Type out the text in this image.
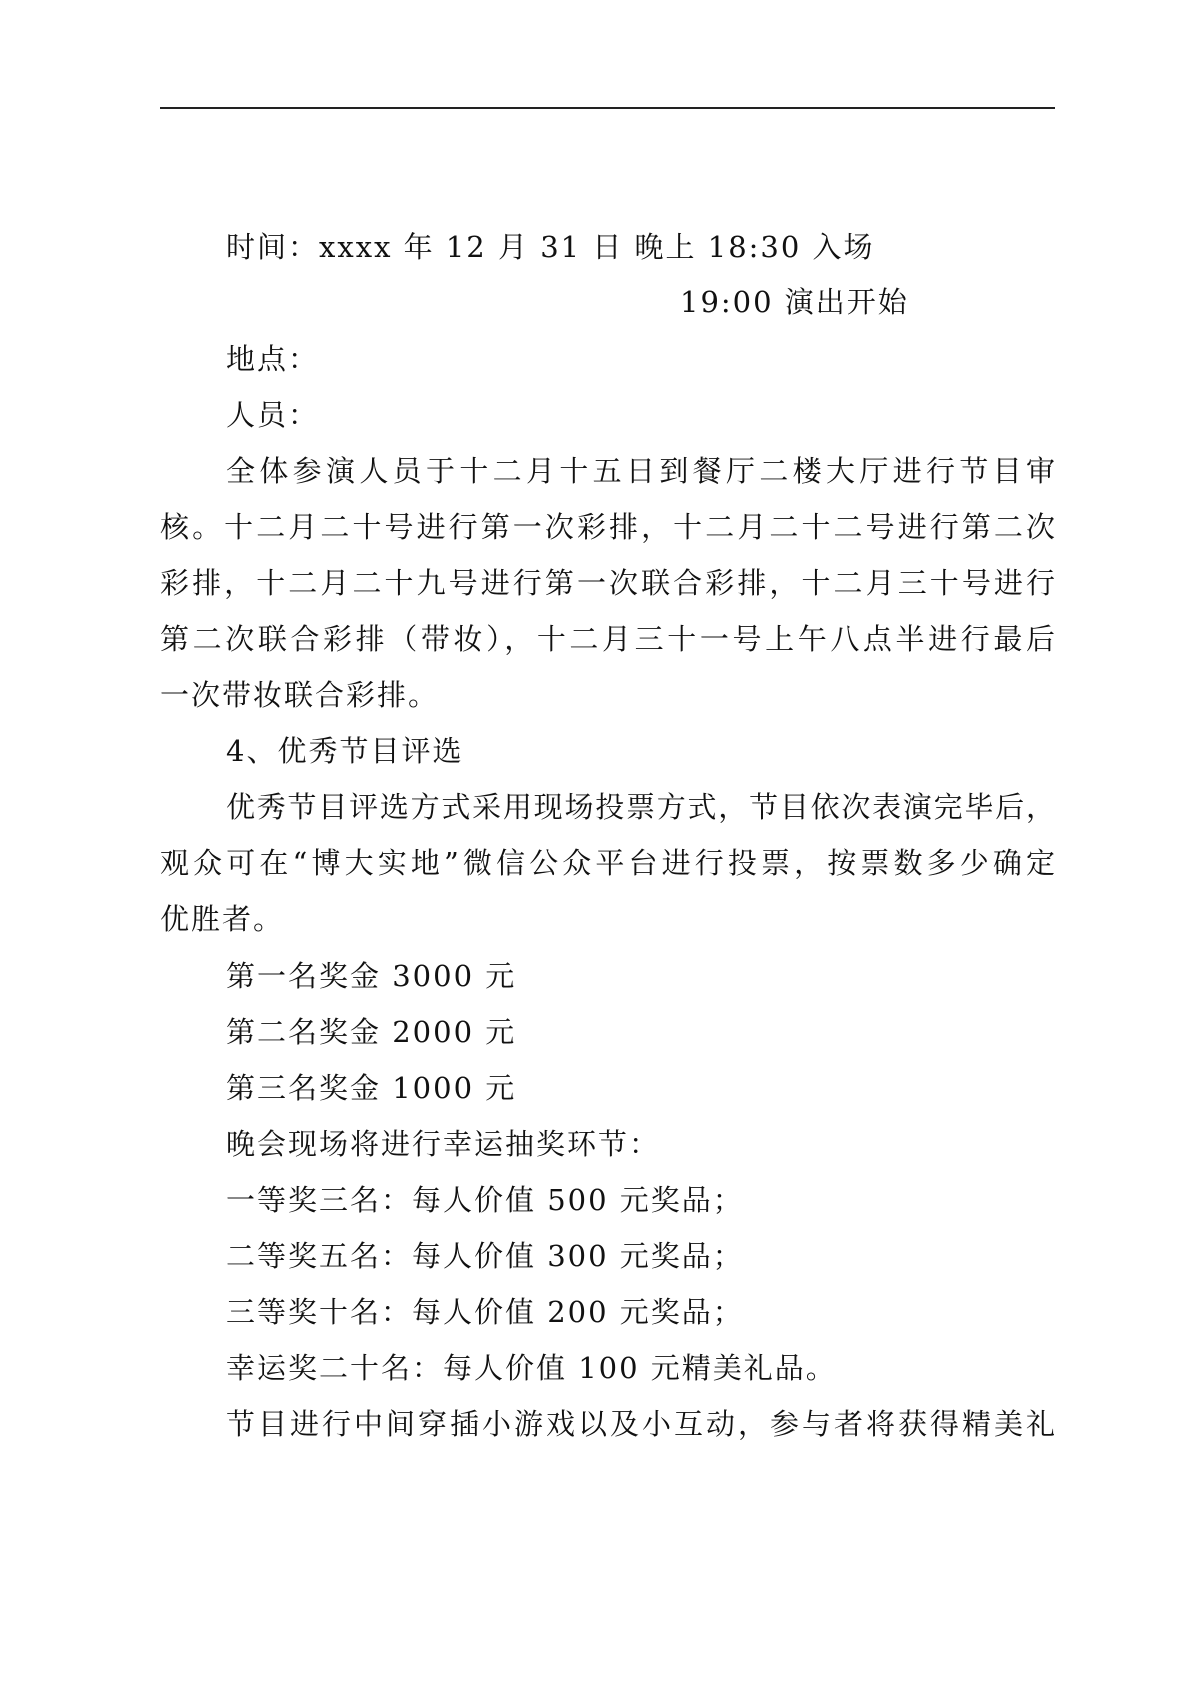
时间：xxxx 年 12 月 31 日 晚上 18:30 入场
19:00 演出开始
地点：
人员：
全体参演人员于十二月十五日到餐厅二楼大厅进行节目审
核。十二月二十号进行第一次彩排，十二月二十二号进行第二次
彩排，十二月二十九号进行第一次联合彩排，十二月三十号进行
第二次联合彩排（带妆），十二月三十一号上午八点半进行最后
一次带妆联合彩排。
4、优秀节目评选
优秀节目评选方式采用现场投票方式，节目依次表演完毕后，
观众可在“博大实地”微信公众平台进行投票，按票数多少确定
优胜者。
第一名奖金 3000 元
第二名奖金 2000 元
第三名奖金 1000 元
晚会现场将进行幸运抽奖环节：
一等奖三名：每人价值 500 元奖品；
二等奖五名：每人价值 300 元奖品；
三等奖十名：每人价值 200 元奖品；
幸运奖二十名：每人价值 100 元精美礼品。
节目进行中间穿插小游戏以及小互动，参与者将获得精美礼
